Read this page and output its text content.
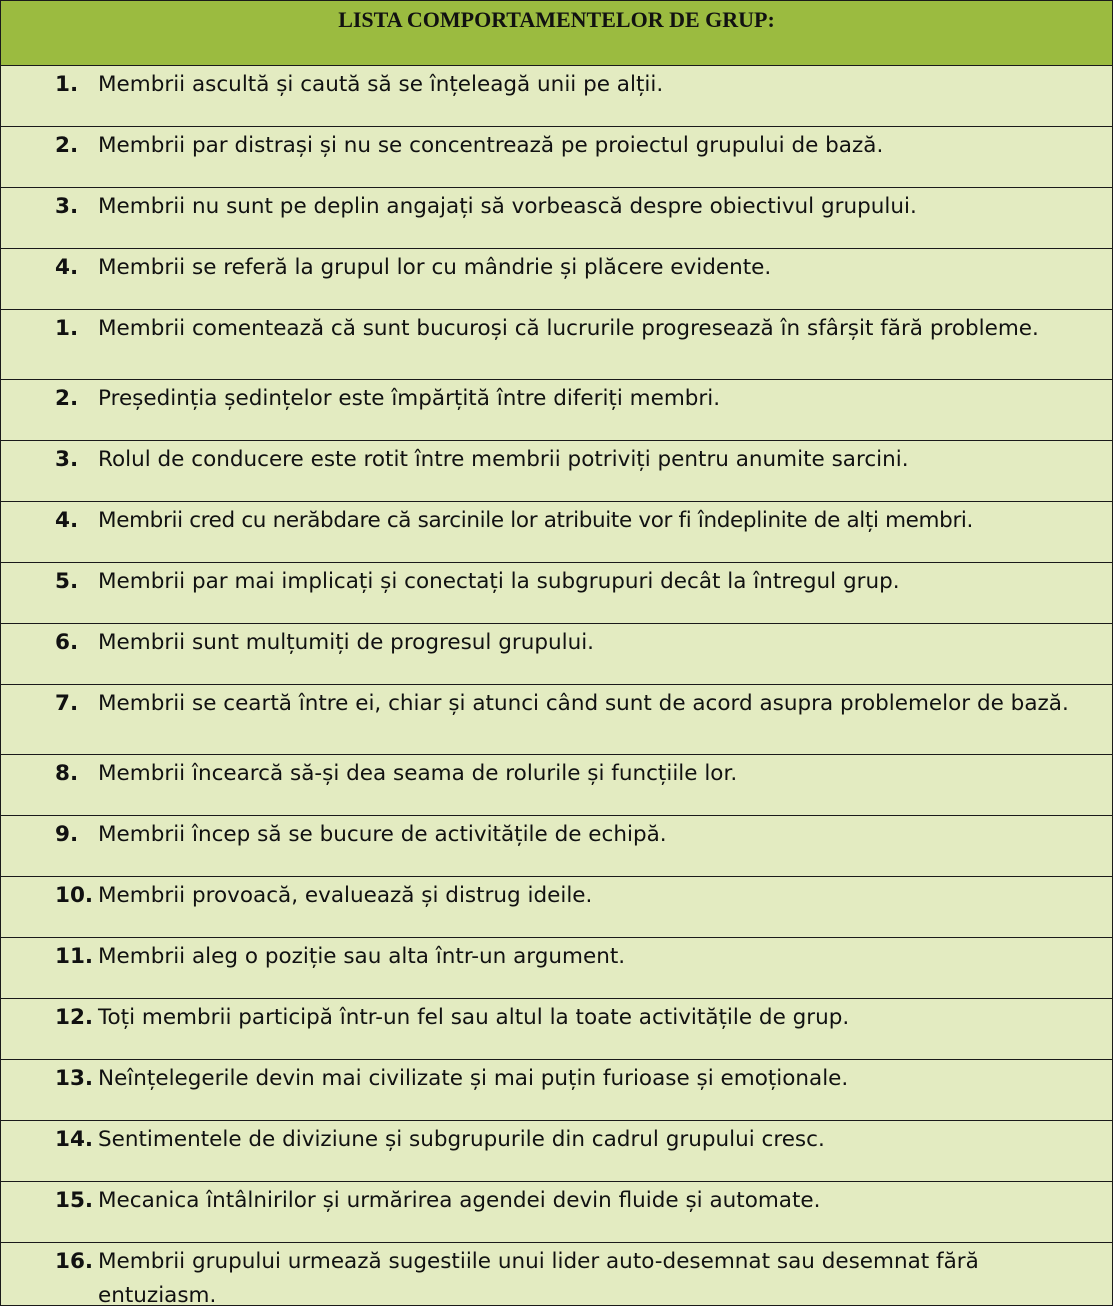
LISTA COMPORTAMENTELOR DE GRUP:
1. Membrii ascultă și caută să se înțeleagă unii pe alții.
2. Membrii par distrași și nu se concentrează pe proiectul grupului de bază.
3. Membrii nu sunt pe deplin angajați să vorbească despre obiectivul grupului.
4. Membrii se referă la grupul lor cu mândrie și plăcere evidente.
1. Membrii comentează că sunt bucuroși că lucrurile progresează în sfârșit fără probleme.
2. Președinția ședințelor este împărțită între diferiți membri.
3. Rolul de conducere este rotit între membrii potriviți pentru anumite sarcini.
4. Membrii cred cu nerăbdare că sarcinile lor atribuite vor fi îndeplinite de alți membri.
5. Membrii par mai implicați și conectați la subgrupuri decât la întregul grup.
6. Membrii sunt mulțumiți de progresul grupului.
7. Membrii se ceartă între ei, chiar și atunci când sunt de acord asupra problemelor de bază.
8. Membrii încearcă să-și dea seama de rolurile și funcțiile lor.
9. Membrii încep să se bucure de activitățile de echipă.
10. Membrii provoacă, evaluează și distrug ideile.
11. Membrii aleg o poziție sau alta într-un argument.
12. Toți membrii participă într-un fel sau altul la toate activitățile de grup.
13. Neînțelegerile devin mai civilizate și mai puțin furioase și emoționale.
14. Sentimentele de diviziune și subgrupurile din cadrul grupului cresc.
15. Mecanica întâlnirilor și urmărirea agendei devin fluide și automate.
16. Membrii grupului urmează sugestiile unui lider auto-desemnat sau desemnat fără entuziasm.
